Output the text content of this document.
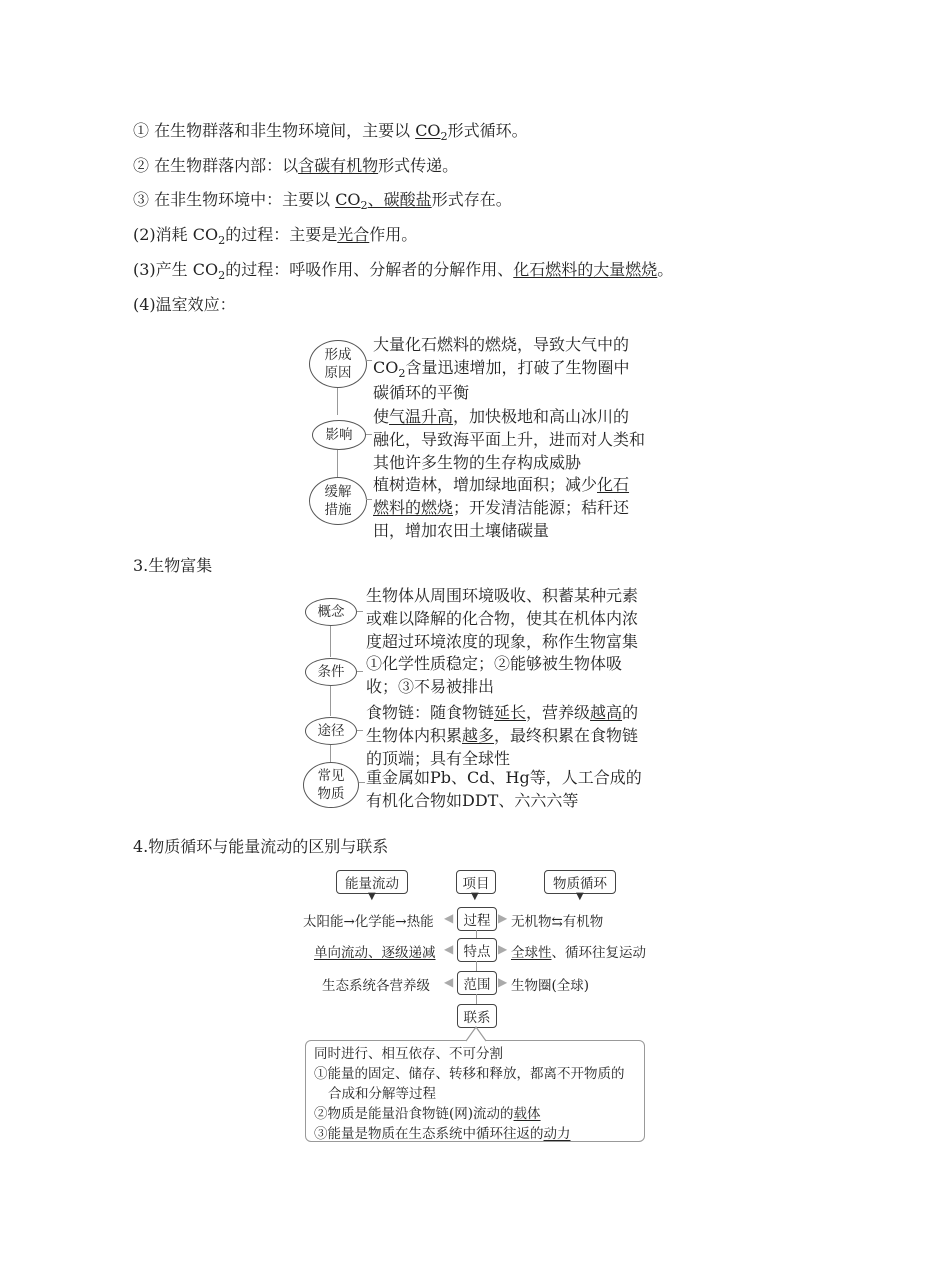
① 在生物群落和非生物环境间，主要以 $CO_2$形式循环。
② 在生物群落内部：以含碳有机物形式传递。
③ 在非生物环境中：主要以 $CO_2$、碳酸盐形式存在。
(2)消耗 $CO_2$的过程：主要是光合作用。
(3)产生 $CO_2$的过程：呼吸作用、分解者的分解作用、化石燃料的大量燃烧。
(4)温室效应：
形成
原因
大量化石燃料的燃烧，导致大气中的$CO_2$含量迅速增加，打破了生物圈中碳循环的平衡
影响
使气温升高，加快极地和高山冰川的融化，导致海平面上升，进而对人类和其他许多生物的生存构成威胁
缓解
措施
植树造林，增加绿地面积；减少化石燃料的燃烧；开发清洁能源；秸秆还田，增加农田土壤储碳量
3.生物富集
概念
生物体从周围环境吸收、积蓄某种元素或难以降解的化合物，使其在机体内浓度超过环境浓度的现象，称作生物富集
条件	①化学性质稳定；②能够被生物体吸收；③不易被排出
途径
食物链：随食物链延长，营养级越高的生物体内积累越多，最终积累在食物链的顶端；具有全球性
常见
物质
重金属如Pb、Cd、Hg等，人工合成的有机化合物如DDT、六六六等
4.物质循环与能量流动的区别与联系
能量流动	项目	物质循环
▼	▼	▼
太阳能→化学能→热能 ◀ 过程 ▶ 无机物⇆有机物
单向流动、逐级递减 ◀ 特点 ▶ 全球性、循环往复运动
生态系统各营养级 ◀ 范围 ▶ 生物圈(全球)
联系
同时进行、相互依存、不可分割
①能量的固定、储存、转移和释放，都离不开物质的
合成和分解等过程
②物质是能量沿食物链(网)流动的载体
③能量是物质在生态系统中循环往返的动力
